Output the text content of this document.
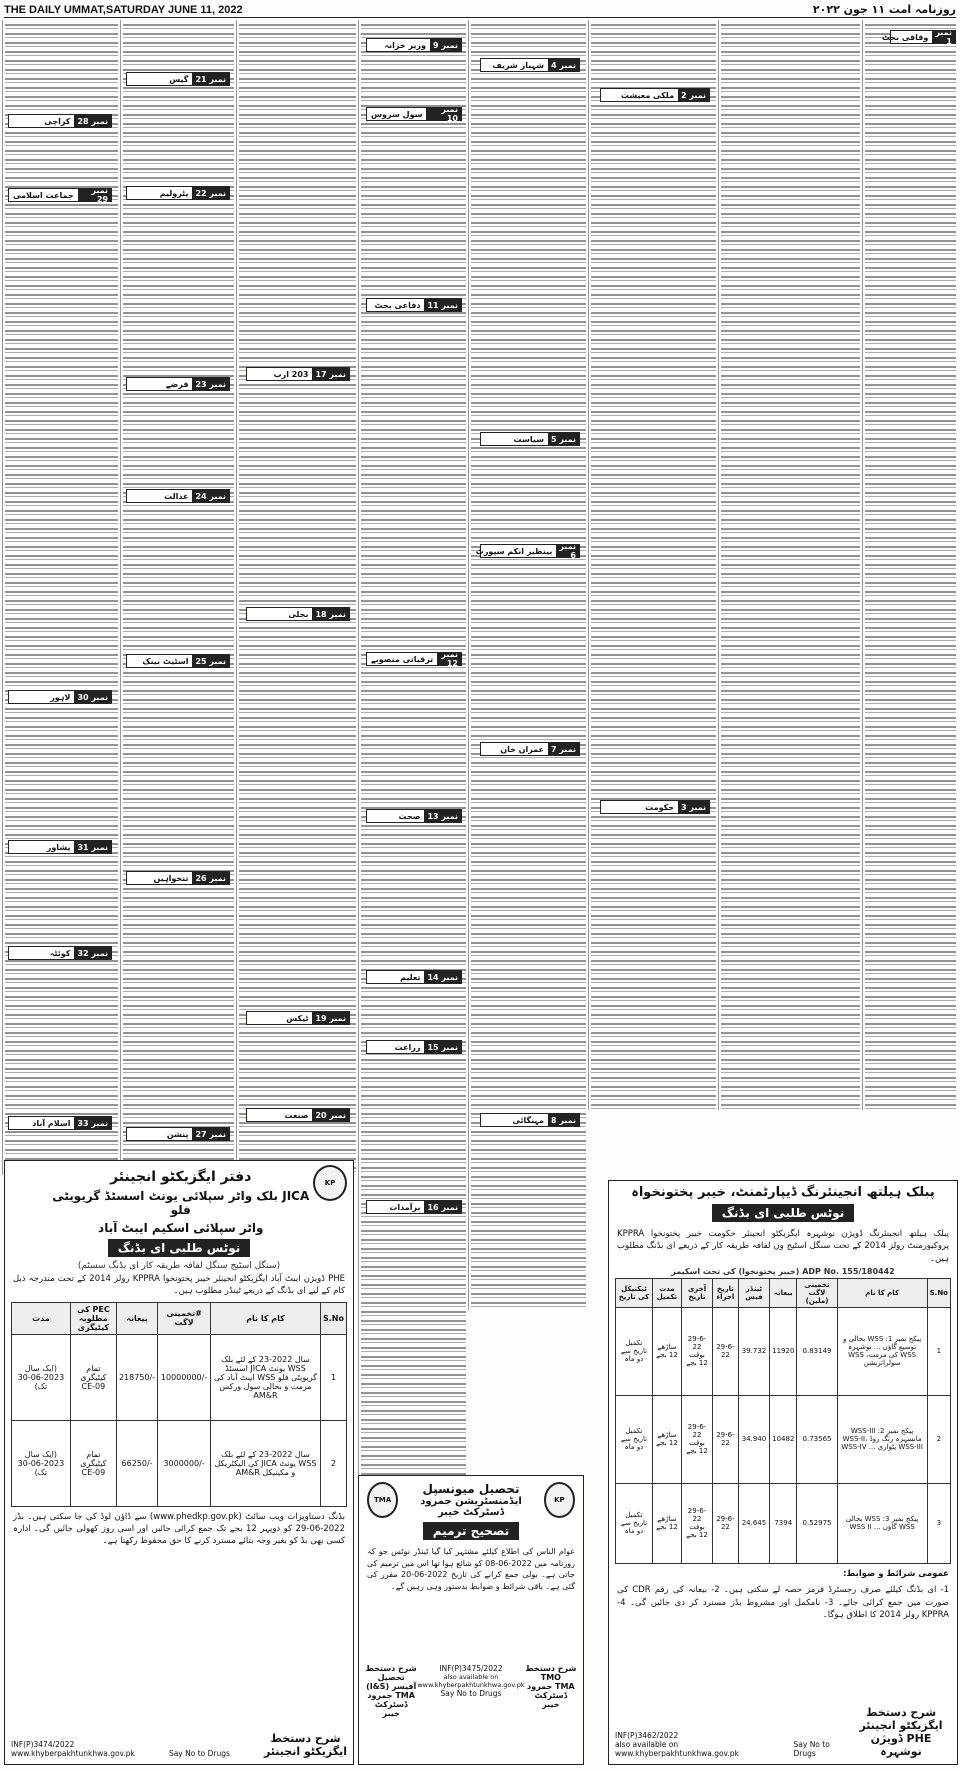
THE DAILY UMMAT,SATURDAY JUNE 11, 2022	روزنامہ امت ۱۱ جون ۲۰۲۲
نمبر 1
وفاقی بجٹ
نمبر 2
ملکی معیشت
نمبر 3
حکومت
نمبر 4
شہباز شریف
نمبر 5
سیاست
نمبر 6
بینظیر انکم سپورٹ
نمبر 7
عمران خان
نمبر 8
مہنگائی
نمبر 9
وزیر خزانہ
نمبر 10
سول سروس
نمبر 11
دفاعی بجٹ
نمبر 12
ترقیاتی منصوبے
نمبر 13
صحت
نمبر 14
تعلیم
نمبر 15
زراعت
نمبر 16
برآمدات
نمبر 17
203 ارب
نمبر 18
بجلی
نمبر 19
ٹیکس
نمبر 20
صنعت
نمبر 21
گیس
نمبر 22
پٹرولیم
نمبر 23
قرضے
نمبر 24
عدالت
نمبر 25
اسٹیٹ بینک
نمبر 26
تنخواہیں
نمبر 27
پنشن
نمبر 28
کراچی
نمبر 29
جماعت اسلامی
نمبر 30
لاہور
نمبر 31
پشاور
نمبر 32
کوئٹہ
نمبر 33
اسلام آباد
دفتر ایگزیکٹو انجینئر
JICA بلک واٹر سپلائی یونٹ اسسٹڈ گریویٹی فلو
واٹر سپلائی اسکیم ایبٹ آباد
KP
نوٹس طلبی ای بڈنگ
(سنگل اسٹیج سنگل لفافہ طریقہ کار ای بڈنگ سسٹم)
PHE ڈویژن ایبٹ آباد ایگزیکٹو انجینئر خیبر پختونخوا KPPRA رولز 2014 کے تحت مندرجہ ذیل کام کے لیے ای بڈنگ کے ذریعے ٹینڈر مطلوب ہیں۔
S.No	کام کا نام	#تخمینی لاگت	بیعانہ	PEC کی مطلوبہ کیٹیگری	مدت
1	سال 2022-23 کے لئے بلک WSS یونٹ JICA اسسٹڈ گریویٹی فلو WSS ایبٹ آباد کی مرمت و بحالی سول ورکس AM&R	10000000/-	218750/-	تمام کیٹیگری CE-09	(ایک سال 2023-06-30 تک)
2	سال 2022-23 کے لئے بلک WSS یونٹ JICA کی الیکٹریکل و مکینیکل AM&R	3000000/-	66250/-	تمام کیٹیگری CE-09	(ایک سال 2023-06-30 تک)
بڈنگ دستاویزات ویب سائٹ (www.phedkp.gov.pk) سے ڈاؤن لوڈ کی جا سکتی ہیں۔ بڈز 2022-06-29 کو دوپہر 12 بجے تک جمع کرائی جائیں اور اسی روز کھولی جائیں گی۔ ادارہ کسی بھی بڈ کو بغیر وجہ بتائے مسترد کرنے کا حق محفوظ رکھتا ہے۔
INF(P)3474/2022
www.khyberpakhtunkhwa.gov.pk	Say No to Drugs
شرح دستخط
ایگزیکٹو انجینئر
TMA
تحصیل میونسپل
ایڈمنسٹریشن جمرود ڈسٹرکٹ خیبر
KP
تصحیح ترمیم
عوام الناس کی اطلاع کیلئے مشتہر کیا گیا ٹینڈر نوٹس جو کہ روزنامہ میں 2022-06-08 کو شائع ہوا تھا اس میں ترمیم کی جاتی ہے۔ بولی جمع کرانے کی تاریخ 2022-06-20 مقرر کی گئی ہے۔ باقی شرائط و ضوابط بدستور وہی رہیں گے۔
شرح دستخط
TMO
TMA جمرود ڈسٹرکٹ خیبر
INF(P)3475/2022
also available on www.khyberpakhtunkhwa.gov.pk
Say No to Drugs
شرح دستخط
تحصیل آفیسر (I&S)
TMA جمرود ڈسٹرکٹ خیبر
پبلک ہیلتھ انجینئرنگ ڈیپارٹمنٹ، خیبر پختونخواہ
نوٹس طلبی ای بڈنگ
پبلک ہیلتھ انجینئرنگ ڈویژن نوشہرہ ایگزیکٹو انجینئر حکومت خیبر پختونخوا KPPRA پروکیورمنٹ رولز 2014 کے تحت سنگل اسٹیج ون لفافہ طریقہ کار کے ذریعے ای بڈنگ مطلوب ہیں۔
ADP No. 155/180442 (خیبر پختونخوا) کی تحت اسکیمز
S.No	کام کا نام	تخمینی لاگت (ملین)	بیعانہ	ٹینڈر فیس	تاریخ اجراء	آخری تاریخ	مدت تکمیل	ٹیکنیکل کی تاریخ
1	پیکج نمبر 1: WSS بحالی و توسیع گاؤں ... نوشہرہ WSS کی مرمت، WSS سولرائزیشن	0.83149	11920	39.732	29-6-22	29-6-22 بوقت 12 بجے	ساڑھے 12 بجے	تکمیل تاریخ سے دو ماہ
2	پیکج نمبر 2: WSS-III مانسہرہ رنگ روڈ WSS-II، WSS-III پٹواری ... WSS-IV	0.73565	10482	34.940	29-6-22	29-6-22 بوقت 12 بجے	ساڑھے 12 بجے	تکمیل تاریخ سے دو ماہ
3	پیکج نمبر 3: WSS بحالی WSS گاؤں ... WSS II	0.52975	7394	24.645	29-6-22	29-6-22 بوقت 12 بجے	ساڑھے 12 بجے	تکمیل تاریخ سے دو ماہ
عمومی شرائط و ضوابط:
1- ای بڈنگ کیلئے صرف رجسٹرڈ فرمز حصہ لے سکتی ہیں۔ 2- بیعانہ کی رقم CDR کی صورت میں جمع کرائی جائے۔ 3- نامکمل اور مشروط بڈز مسترد کر دی جائیں گی۔ 4- KPPRA رولز 2014 کا اطلاق ہوگا۔
INF(P)3462/2022
also available on www.khyberpakhtunkhwa.gov.pk
Say No to Drugs
شرح دستخط
ایگزیکٹو انجینئر
PHE ڈویژن نوشہرہ
